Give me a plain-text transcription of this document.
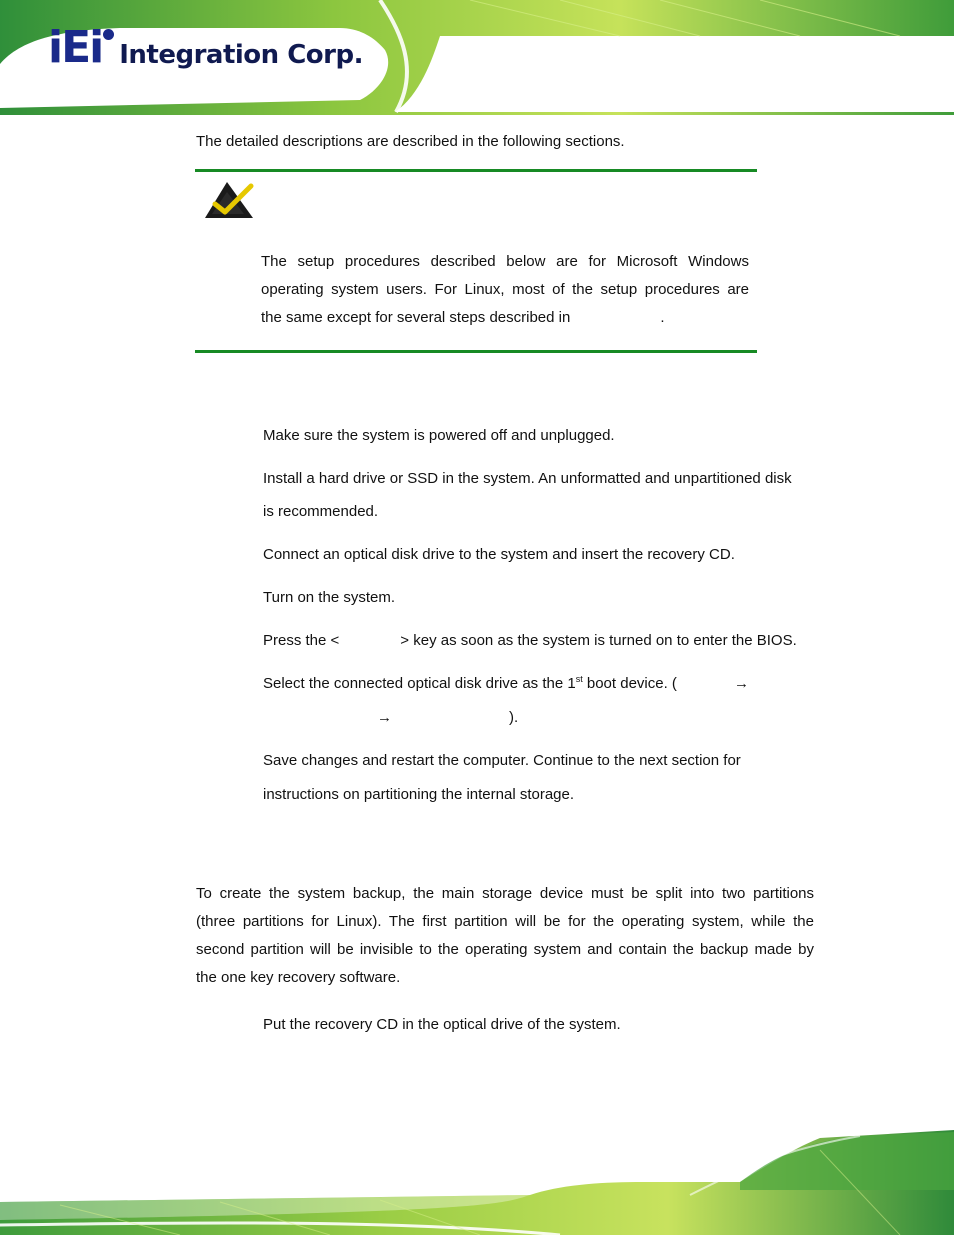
iEi Integration Corp.

The detailed descriptions are described in the following sections.

The setup procedures described below are for Microsoft Windows
operating system users. For Linux, most of the setup procedures are
the same except for several steps described in	.

Make sure the system is powered off and unplugged.

Install a hard drive or SSD in the system. An unformatted and unpartitioned disk

is recommended.

Connect an optical disk drive to the system and insert the recovery CD.

Turn on the system.

Press the <	> key as soon as the system is turned on to enter the BIOS.

Select the connected optical disk drive as the 1st boot device. (	→
→	).

Save changes and restart the computer. Continue to the next section for

instructions on partitioning the internal storage.

To create the system backup, the main storage device must be split into two partitions
(three partitions for Linux). The first partition will be for the operating system, while the
second partition will be invisible to the operating system and contain the backup made by
the one key recovery software.

Put the recovery CD in the optical drive of the system.
